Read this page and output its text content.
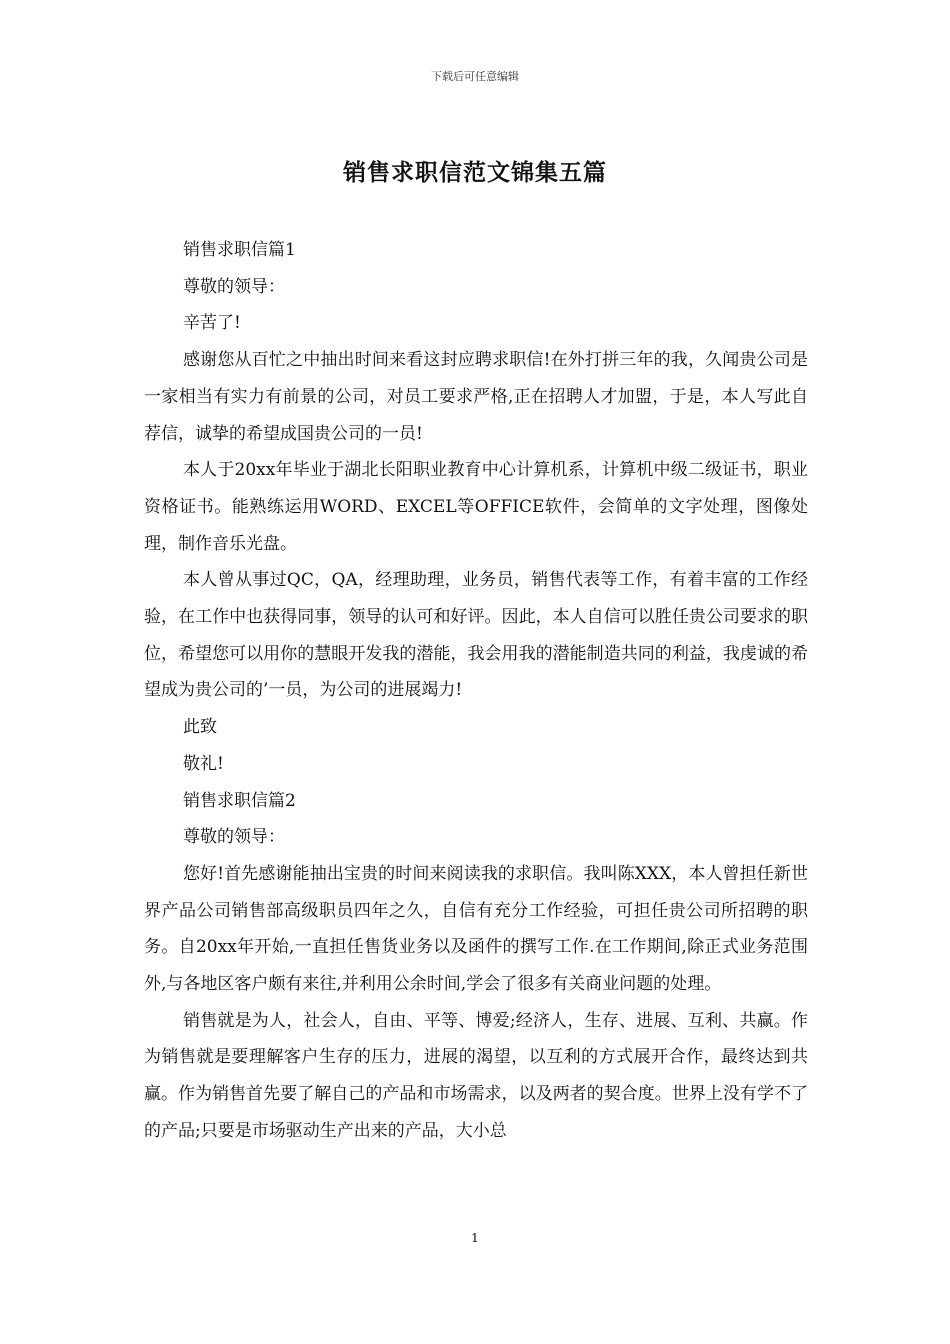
下载后可任意编辑
销售求职信范文锦集五篇

销售求职信篇1

尊敬的领导：

辛苦了!

感谢您从百忙之中抽出时间来看这封应聘求职信!在外打拼三年的我，久闻贵公司是一家相当有实力有前景的公司，对员工要求严格,正在招聘人才加盟，于是，本人写此自荐信，诚挚的希望成国贵公司的一员!

本人于20xx年毕业于湖北长阳职业教育中心计算机系，计算机中级二级证书，职业资格证书。能熟练运用WORD、EXCEL等OFFICE软件，会简单的文字处理，图像处理，制作音乐光盘。

本人曾从事过QC，QA，经理助理，业务员，销售代表等工作，有着丰富的工作经验，在工作中也获得同事，领导的认可和好评。因此，本人自信可以胜任贵公司要求的职位，希望您可以用你的慧眼开发我的潜能，我会用我的潜能制造共同的利益，我虔诚的希望成为贵公司的’一员，为公司的进展竭力!

此致

敬礼!

销售求职信篇2

尊敬的领导：

您好!首先感谢能抽出宝贵的时间来阅读我的求职信。我叫陈XXX，本人曾担任新世界产品公司销售部高级职员四年之久，自信有充分工作经验，可担任贵公司所招聘的职务。自20xx年开始,一直担任售货业务以及函件的撰写工作.在工作期间,除正式业务范围外,与各地区客户颇有来往,并利用公余时间,学会了很多有关商业问题的处理。

销售就是为人，社会人，自由、平等、博爱;经济人，生存、进展、互利、共赢。作为销售就是要理解客户生存的压力，进展的渴望，以互利的方式展开合作，最终达到共赢。作为销售首先要了解自己的产品和市场需求，以及两者的契合度。世界上没有学不了的产品;只要是市场驱动生产出来的产品，大小总

1
